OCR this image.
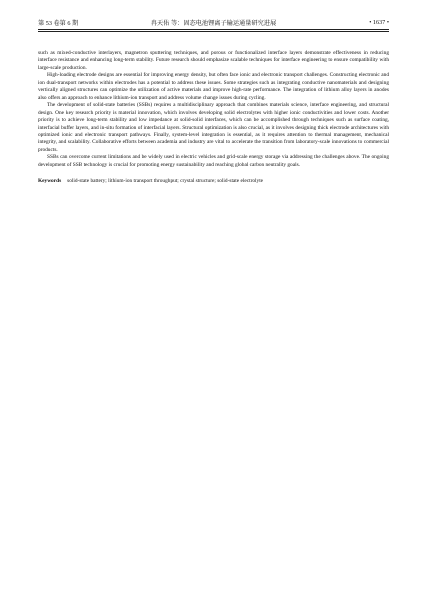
第 53 卷第 6 期	冉天佑 等：固态电池锂离子输运通量研究进展	• 1637 •

such as mixed-conductive interlayers, magnetron sputtering techniques, and porous or functionalized interface layers demonstrate effectiveness in reducing interface resistance and enhancing long-term stability. Future research should emphasize scalable techniques for interface engineering to ensure compatibility with large-scale production.

High-loading electrode designs are essential for improving energy density, but often face ionic and electronic transport challenges. Constructing electronic and ion dual-transport networks within electrodes has a potential to address these issues. Some strategies such as integrating conductive nanomaterials and designing vertically aligned structures can optimize the utilization of active materials and improve high-rate performance. The integration of lithium alloy layers in anodes also offers an approach to enhance lithium-ion transport and address volume change issues during cycling.

The development of solid-state batteries (SSBs) requires a multidisciplinary approach that combines materials science, interface engineering, and structural design. One key research priority is material innovation, which involves developing solid electrolytes with higher ionic conductivities and lower costs. Another priority is to achieve long-term stability and low impedance at solid-solid interfaces, which can be accomplished through techniques such as surface coating, interfacial buffer layers, and in-situ formation of interfacial layers. Structural optimization is also crucial, as it involves designing thick electrode architectures with optimized ionic and electronic transport pathways. Finally, system-level integration is essential, as it requires attention to thermal management, mechanical integrity, and scalability. Collaborative efforts between academia and industry are vital to accelerate the transition from laboratory-scale innovations to commercial products.

SSBs can overcome current limitations and be widely used in electric vehicles and grid-scale energy storage via addressing the challenges above. The ongoing development of SSB technology is crucial for promoting energy sustainability and reaching global carbon neutrality goals.

Keywords solid-state battery; lithium-ion transport throughput; crystal structure; solid-state electrolyte
